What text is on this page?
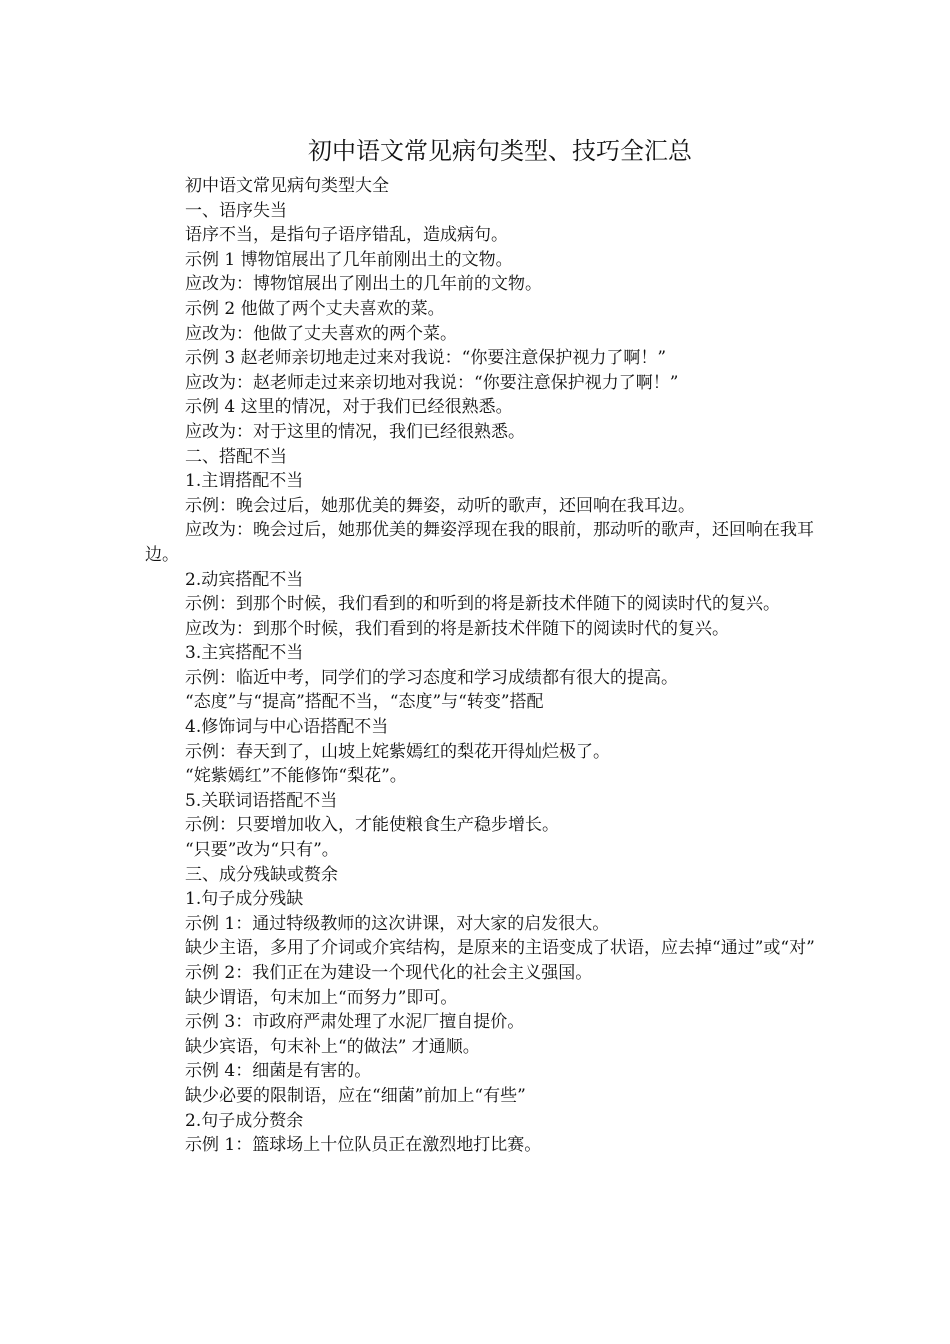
初中语文常见病句类型、技巧全汇总

初中语文常见病句类型大全

一、语序失当

语序不当，是指句子语序错乱，造成病句。

示例 1 博物馆展出了几年前刚出土的文物。

应改为：博物馆展出了刚出土的几年前的文物。

示例 2 他做了两个丈夫喜欢的菜。

应改为：他做了丈夫喜欢的两个菜。

示例 3 赵老师亲切地走过来对我说：“你要注意保护视力了啊！”

应改为：赵老师走过来亲切地对我说：“你要注意保护视力了啊！”

示例 4 这里的情况，对于我们已经很熟悉。

应改为：对于这里的情况，我们已经很熟悉。

二、搭配不当

1.主谓搭配不当

示例：晚会过后，她那优美的舞姿，动听的歌声，还回响在我耳边。

应改为：晚会过后，她那优美的舞姿浮现在我的眼前，那动听的歌声，还回响在我耳边。

2.动宾搭配不当

示例：到那个时候，我们看到的和听到的将是新技术伴随下的阅读时代的复兴。

应改为：到那个时候，我们看到的将是新技术伴随下的阅读时代的复兴。

3.主宾搭配不当

示例：临近中考，同学们的学习态度和学习成绩都有很大的提高。

“态度”与“提高”搭配不当，“态度”与“转变”搭配

4.修饰词与中心语搭配不当

示例：春天到了，山坡上姹紫嫣红的梨花开得灿烂极了。

“姹紫嫣红”不能修饰“梨花”。

5.关联词语搭配不当

示例：只要增加收入，才能使粮食生产稳步增长。

“只要”改为“只有”。

三、成分残缺或赘余

1.句子成分残缺

示例 1：通过特级教师的这次讲课，对大家的启发很大。

缺少主语，多用了介词或介宾结构，是原来的主语变成了状语，应去掉“通过”或“对”

示例 2：我们正在为建设一个现代化的社会主义强国。

缺少谓语，句末加上“而努力”即可。

示例 3：市政府严肃处理了水泥厂擅自提价。

缺少宾语，句末补上“的做法” 才通顺。

示例 4：细菌是有害的。

缺少必要的限制语，应在“细菌”前加上“有些”

2.句子成分赘余

示例 1：篮球场上十位队员正在激烈地打比赛。
